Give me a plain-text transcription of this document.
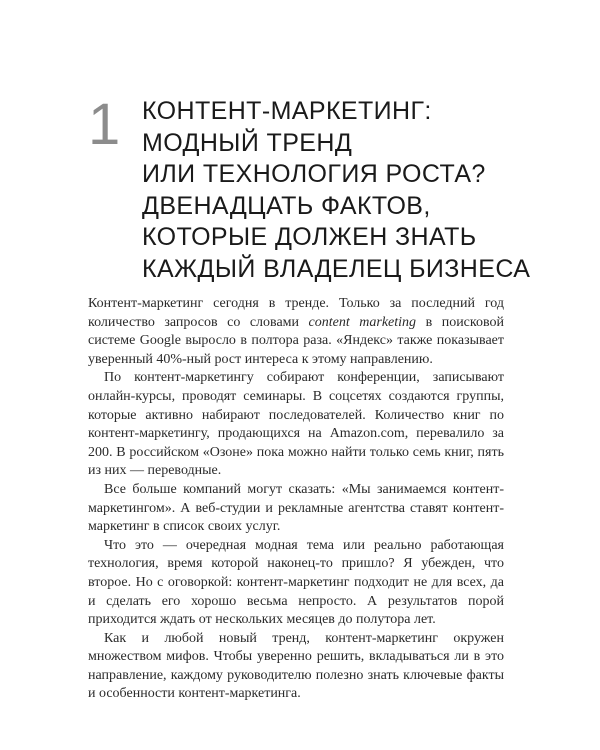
1 КОНТЕНТ-МАРКЕТИНГ:
МОДНЫЙ ТРЕНД
ИЛИ ТЕХНОЛОГИЯ РОСТА?
ДВЕНАДЦАТЬ ФАКТОВ,
КОТОРЫЕ ДОЛЖЕН ЗНАТЬ
КАЖДЫЙ ВЛАДЕЛЕЦ БИЗНЕСА

Контент-маркетинг сегодня в тренде. Только за последний год количество запросов со словами content marketing в поисковой системе Google выросло в полтора раза. «Яндекс» также показывает уверенный 40%-ный рост интереса к этому направлению.

По контент-маркетингу собирают конференции, записывают онлайн-курсы, проводят семинары. В соцсетях создаются группы, которые активно набирают последователей. Количество книг по контент-маркетингу, продающихся на Amazon.com, перевалило за 200. В российском «Озоне» пока можно найти только семь книг, пять из них — переводные.

Все больше компаний могут сказать: «Мы занимаемся контент-маркетингом». А веб-студии и рекламные агентства ставят контент-маркетинг в список своих услуг.

Что это — очередная модная тема или реально работающая технология, время которой наконец-то пришло? Я убежден, что второе. Но с оговоркой: контент-маркетинг подходит не для всех, да и сделать его хорошо весьма непросто. А результатов порой приходится ждать от нескольких месяцев до полутора лет.

Как и любой новый тренд, контент-маркетинг окружен множеством мифов. Чтобы уверенно решить, вкладываться ли в это направление, каждому руководителю полезно знать ключевые факты и особенности контент-маркетинга.
